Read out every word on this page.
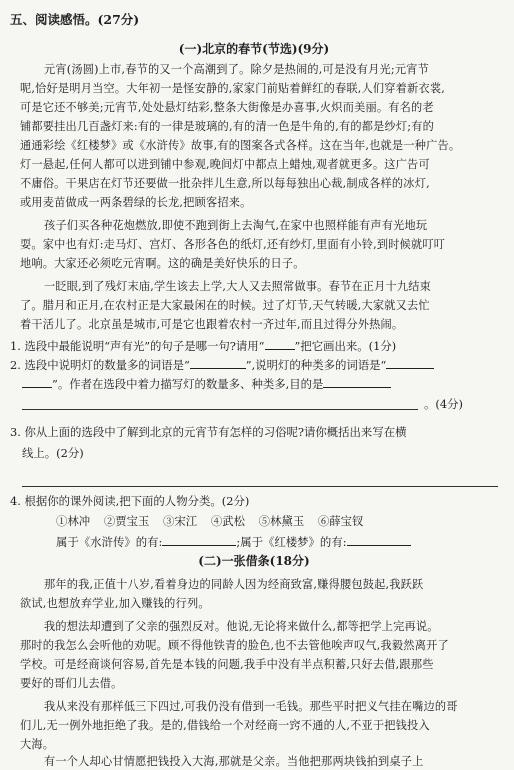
五、阅读感悟。(27分)
(一)北京的春节(节选)(9分)
元宵(汤圆)上市,春节的又一个高潮到了。除夕是热闹的,可是没有月光;元宵节
呢,恰好是明月当空。大年初一是怪安静的,家家门前贴着鲜红的春联,人们穿着新衣裳,
可是它还不够美;元宵节,处处悬灯结彩,整条大街像是办喜事,火炽而美丽。有名的老
铺都要挂出几百盏灯来:有的一律是玻璃的,有的清一色是牛角的,有的都是纱灯;有的
通通彩绘《红楼梦》或《水浒传》故事,有的图案各式各样。这在当年,也就是一种广告。
灯一悬起,任何人都可以进到铺中参观,晚间灯中都点上蜡烛,观者就更多。这广告可
不庸俗。干果店在灯节还要做一批杂拌儿生意,所以每每独出心裁,制成各样的冰灯,
或用麦苗做成一两条碧绿的长龙,把顾客招来。
孩子们买各种花炮燃放,即使不跑到街上去淘气,在家中也照样能有声有光地玩
耍。家中也有灯:走马灯、宫灯、各形各色的纸灯,还有纱灯,里面有小铃,到时候就叮叮
地响。大家还必须吃元宵啊。这的确是美好快乐的日子。
一眨眼,到了残灯末庙,学生该去上学,大人又去照常做事。春节在正月十九结束
了。腊月和正月,在农村正是大家最闲在的时候。过了灯节,天气转暖,大家就又去忙
着干活儿了。北京虽是城市,可是它也跟着农村一齐过年,而且过得分外热闹。
1. 选段中最能说明“声有光”的句子是哪一句?请用“	”把它画出来。(1分)
2. 选段中说明灯的数量多的词语是“	”,说明灯的种类多的词语是“
”。作者在选段中着力描写灯的数量多、种类多,目的是
。(4分)
3. 你从上面的选段中了解到北京的元宵节有怎样的习俗呢?请你概括出来写在横
线上。(2分)
4. 根据你的课外阅读,把下面的人物分类。(2分)
①林冲 ②贾宝玉 ③宋江 ④武松 ⑤林黛玉 ⑥薛宝钗
属于《水浒传》的有:	;属于《红楼梦》的有:
(二)一张借条(18分)
那年的我,正值十八岁,看着身边的同龄人因为经商致富,赚得腰包鼓起,我跃跃
欲试,也想放弃学业,加入赚钱的行列。
我的想法却遭到了父亲的强烈反对。他说,无论将来做什么,都等把学上完再说。
那时的我怎么会听他的劝呢。顾不得他铁青的脸色,也不去管他唉声叹气,我毅然离开了
学校。可是经商谈何容易,首先是本钱的问题,我手中没有半点积蓄,只好去借,跟那些
要好的哥们儿去借。
我从来没有那样低三下四过,可我仍没有借到一毛钱。那些平时把义气挂在嘴边的哥
们儿,无一例外地拒绝了我。是的,借钱给一个对经商一窍不通的人,不亚于把钱投入
大海。
有一个人却心甘情愿把钱投入大海,那就是父亲。当他把那两块钱拍到桌子上
